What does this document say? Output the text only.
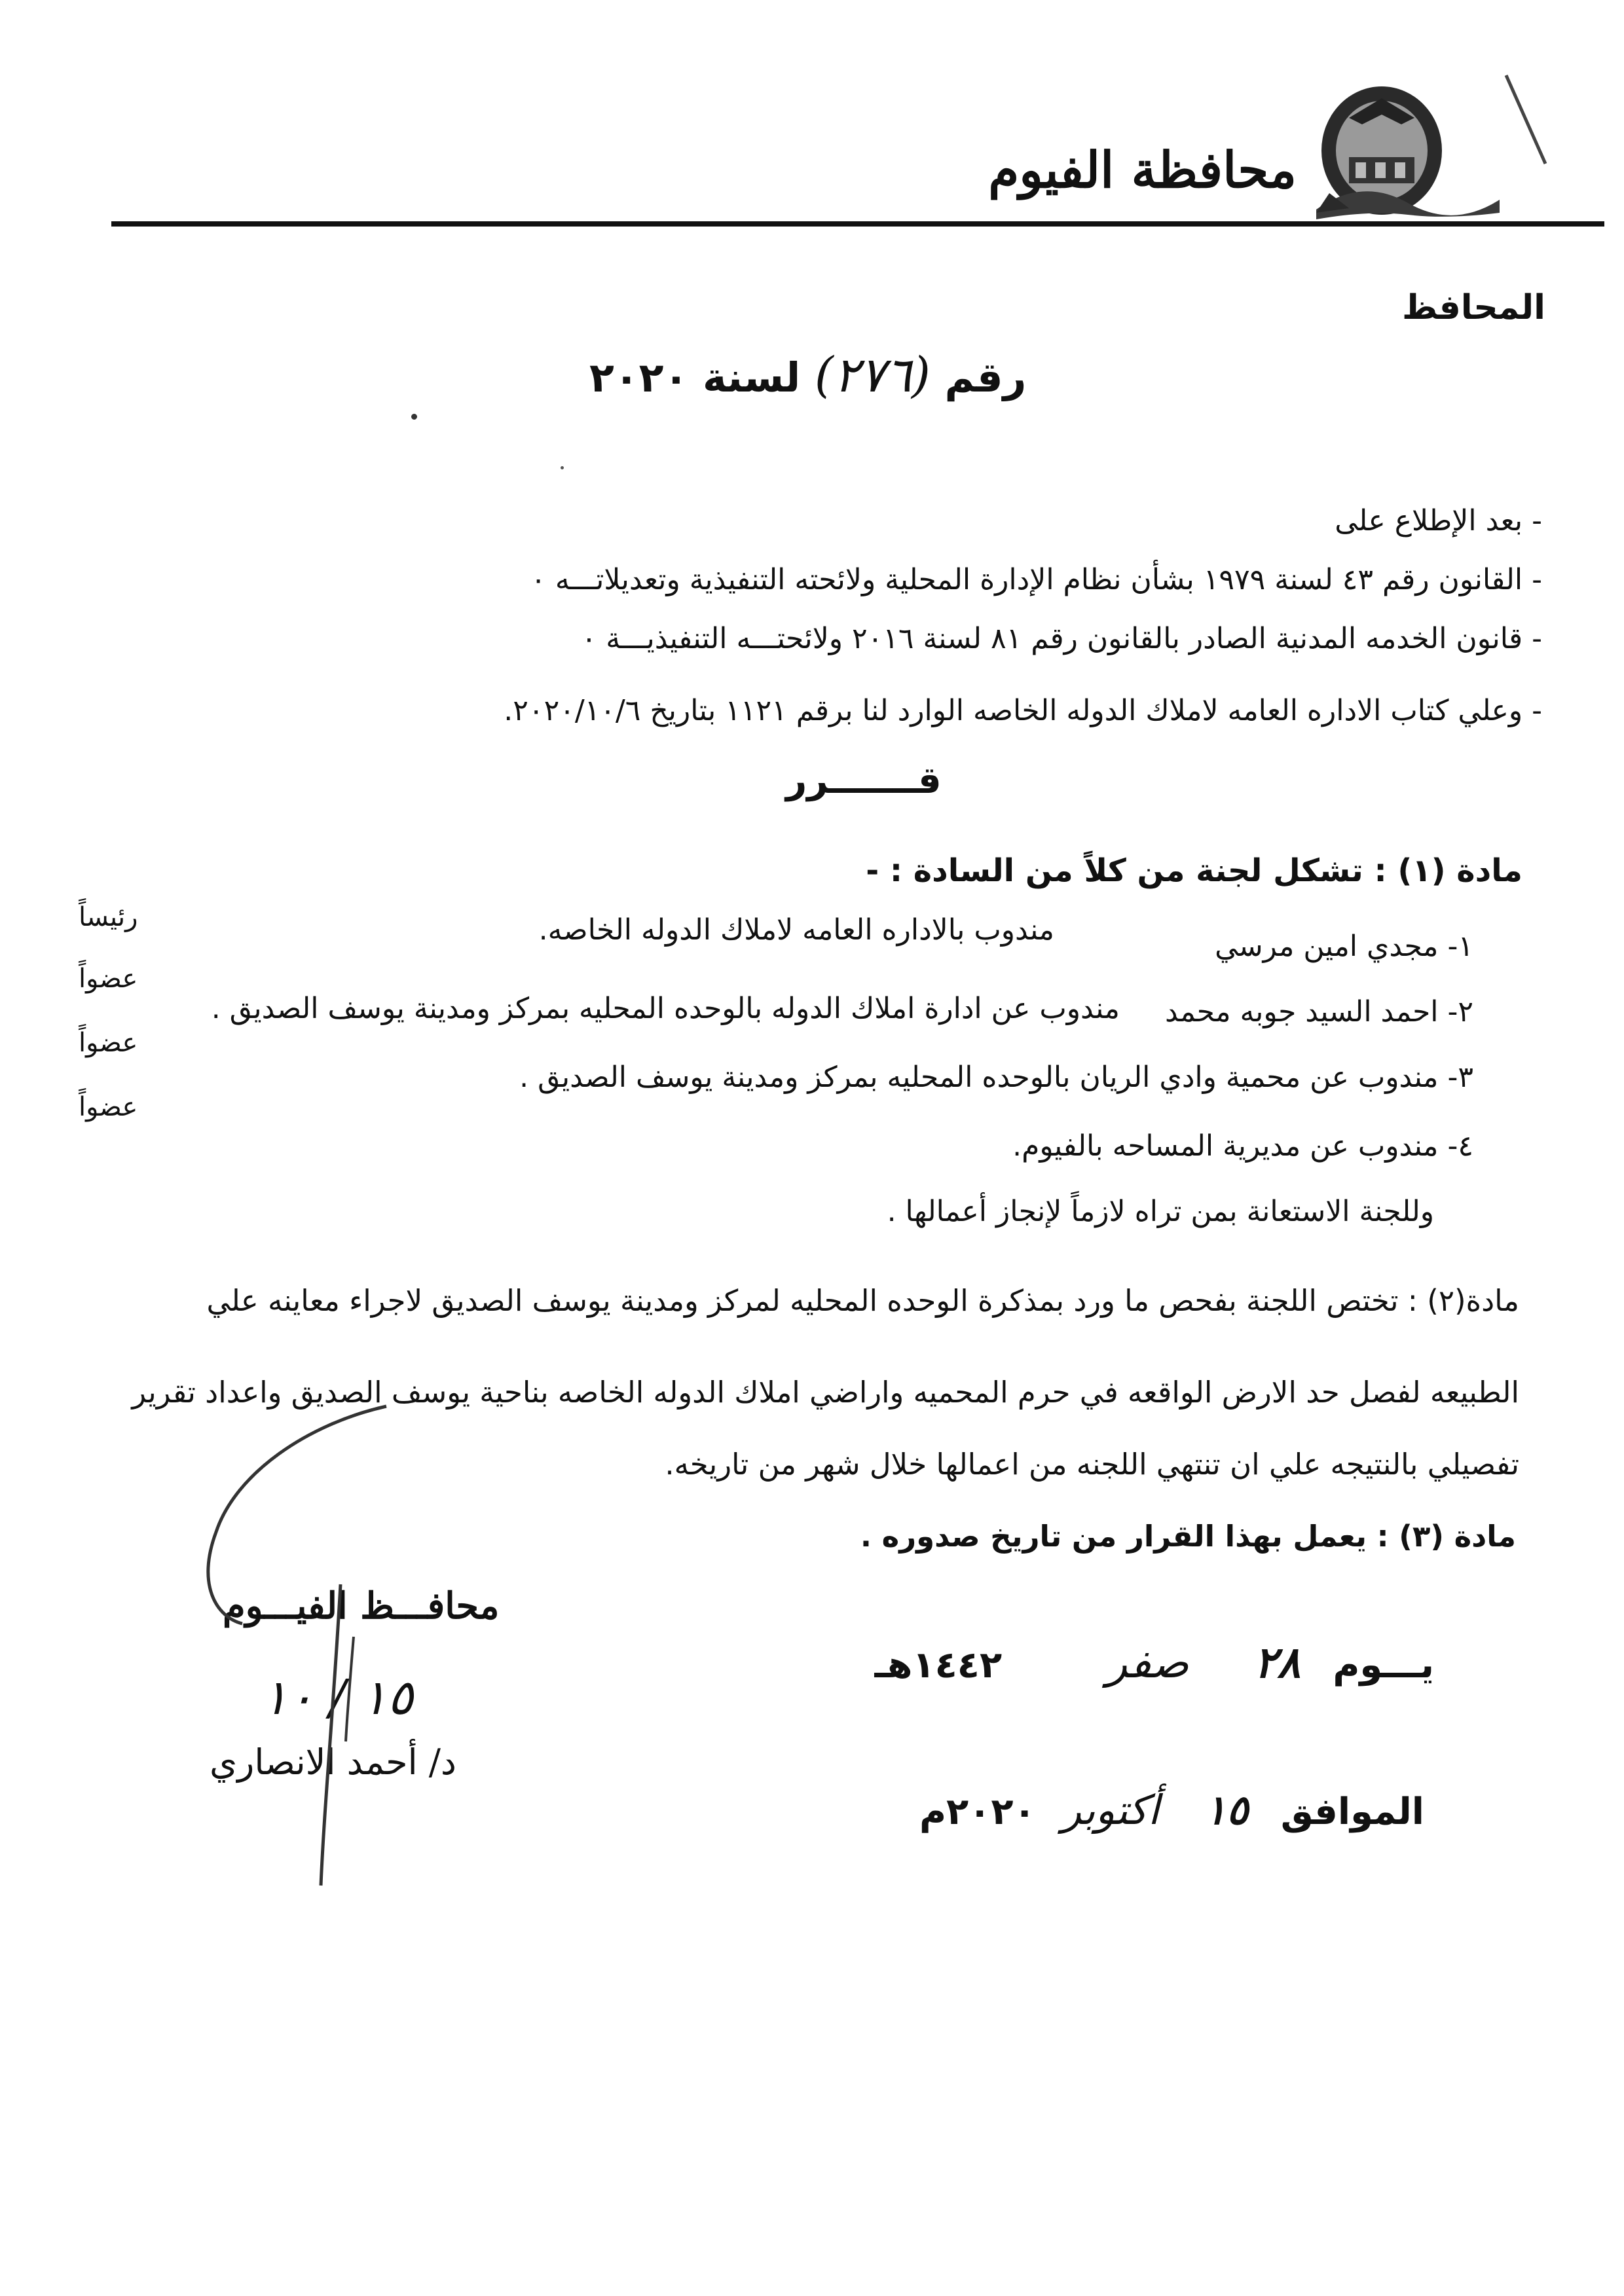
محافظة الفيوم
المحافظ
رقم (٢٧٦) لسنة ٢٠٢٠
- بعد الإطلاع على
- القانون رقم ٤٣ لسنة ١٩٧٩ بشأن نظام الإدارة المحلية ولائحته التنفيذية وتعديلاتـــه ٠
- قانون الخدمه المدنية الصادر بالقانون رقم ٨١ لسنة ٢٠١٦ ولائحتـــه التنفيذيـــة ٠
- وعلي كتاب الاداره العامه لاملاك الدوله الخاصه الوارد لنا برقم ١١٢١ بتاريخ ٢٠٢٠/١٠/٦.
قـــــــرر
مادة (١) : تشكل لجنة من كلاً من السادة : -
١- مجدي امين مرسي
مندوب بالاداره العامه لاملاك الدوله الخاصه.
رئيساً
٢- احمد السيد جوبه محمد
مندوب عن ادارة املاك الدوله بالوحده المحليه بمركز ومدينة يوسف الصديق .
عضواً
٣- مندوب عن محمية وادي الريان بالوحده المحليه بمركز ومدينة يوسف الصديق .
عضواً
٤- مندوب عن مديرية المساحه بالفيوم.
عضواً
وللجنة الاستعانة بمن تراه لازماً لإنجاز أعمالها .
مادة(٢) : تختص اللجنة بفحص ما ورد بمذكرة الوحده المحليه لمركز ومدينة يوسف الصديق لاجراء معاينه علي
الطبيعه لفصل حد الارض الواقعه في حرم المحميه واراضي املاك الدوله الخاصه بناحية يوسف الصديق واعداد تقرير
تفصيلي بالنتيجه علي ان تنتهي اللجنه من اعمالها خلال شهر من تاريخه.
مادة (٣) : يعمل بهذا القرار من تاريخ صدوره .
محافـــظ الفيـــوم
١٥ / ١٠
د/ أحمد الانصاري
يـــوم ٢٨ صفر ١٤٤٢هـ
الموافق ١٥ أكتوبر ٢٠٢٠م
